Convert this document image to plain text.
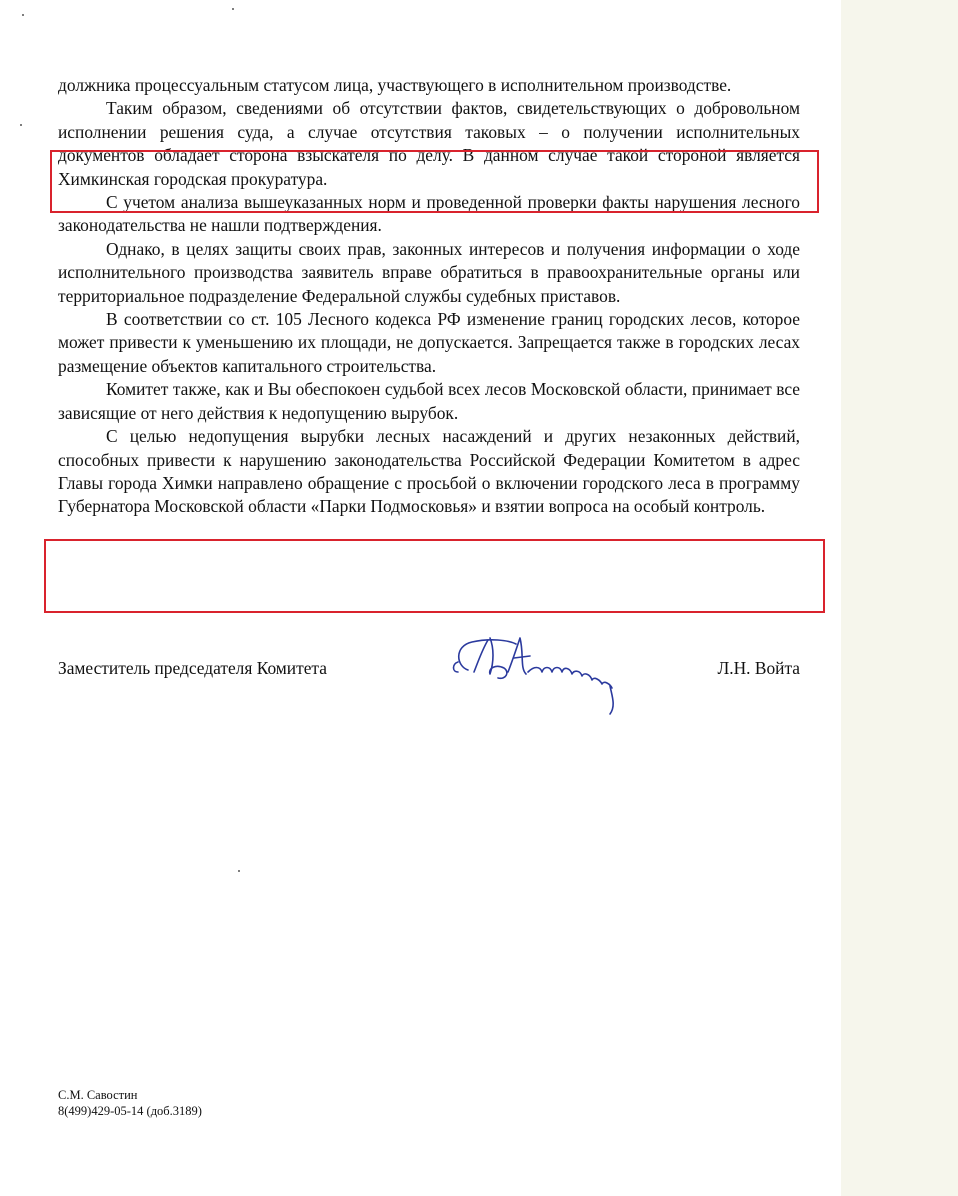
должника процессуальным статусом лица, участвующего в исполнительном производстве.

Таким образом, сведениями об отсутствии фактов, свидетельствующих о добровольном исполнении решения суда, а случае отсутствия таковых – о получении исполнительных документов обладает сторона взыскателя по делу. В данном случае такой стороной является Химкинская городская прокуратура.

С учетом анализа вышеуказанных норм и проведенной проверки факты нарушения лесного законодательства не нашли подтверждения.

Однако, в целях защиты своих прав, законных интересов и получения информации о ходе исполнительного производства заявитель вправе обратиться в правоохранительные органы или территориальное подразделение Федеральной службы судебных приставов.

В соответствии со ст. 105 Лесного кодекса РФ изменение границ городских лесов, которое может привести к уменьшению их площади, не допускается. Запрещается также в городских лесах размещение объектов капитального строительства.

Комитет также, как и Вы обеспокоен судьбой всех лесов Московской области, принимает все зависящие от него действия к недопущению вырубок.

С целью недопущения вырубки лесных насаждений и других незаконных действий, способных привести к нарушению законодательства Российской Федерации Комитетом в адрес Главы города Химки направлено обращение с просьбой о включении городского леса в программу Губернатора Московской области «Парки Подмосковья» и взятии вопроса на особый контроль.

Заместитель председателя Комитета	Л.Н. Войта
С.М. Савостин
8(499)429-05-14 (доб.3189)
